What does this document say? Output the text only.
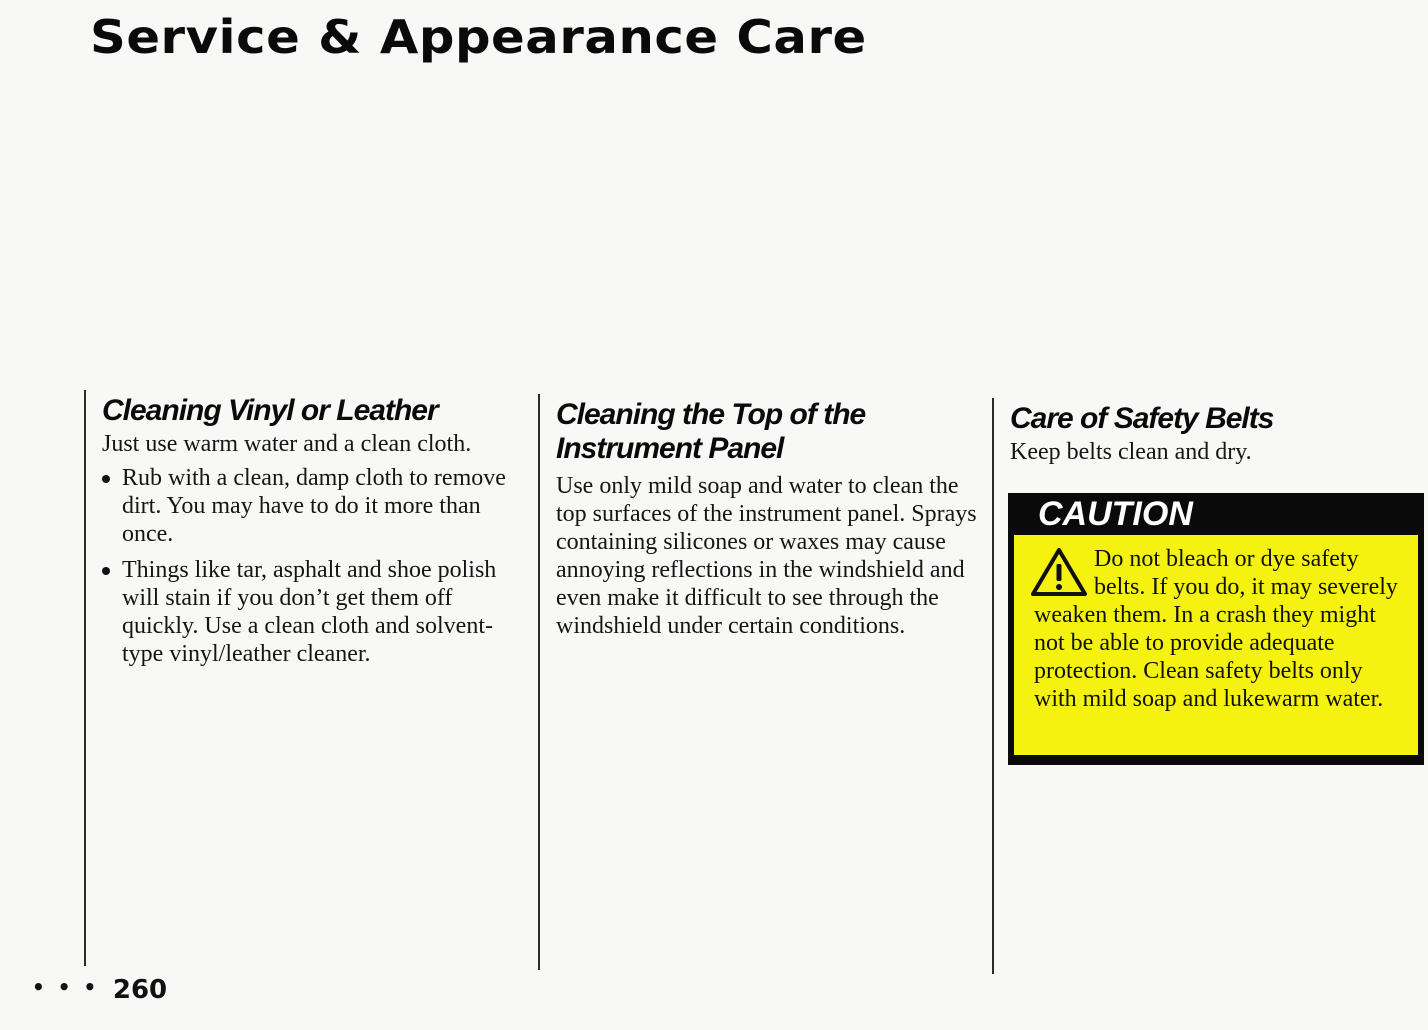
Service & Appearance Care
Cleaning Vinyl or Leather

Just use warm water and a clean cloth.

Rub with a clean, damp cloth to remove dirt. You may have to do it more than once.
Things like tar, asphalt and shoe polish will stain if you don’t get them off quickly. Use a clean cloth and solvent-type vinyl/leather cleaner.
Cleaning the Top of the Instrument Panel

Use only mild soap and water to clean the top surfaces of the instrument panel. Sprays containing silicones or waxes may cause annoying reflections in the windshield and even make it difficult to see through the windshield under certain conditions.

Care of Safety Belts

Keep belts clean and dry.

CAUTION

Do not bleach or dye safety belts. If you do, it may severely weaken them. In a crash they might not be able to provide adequate protection. Clean safety belts only with mild soap and lukewarm water.

• • • 260
